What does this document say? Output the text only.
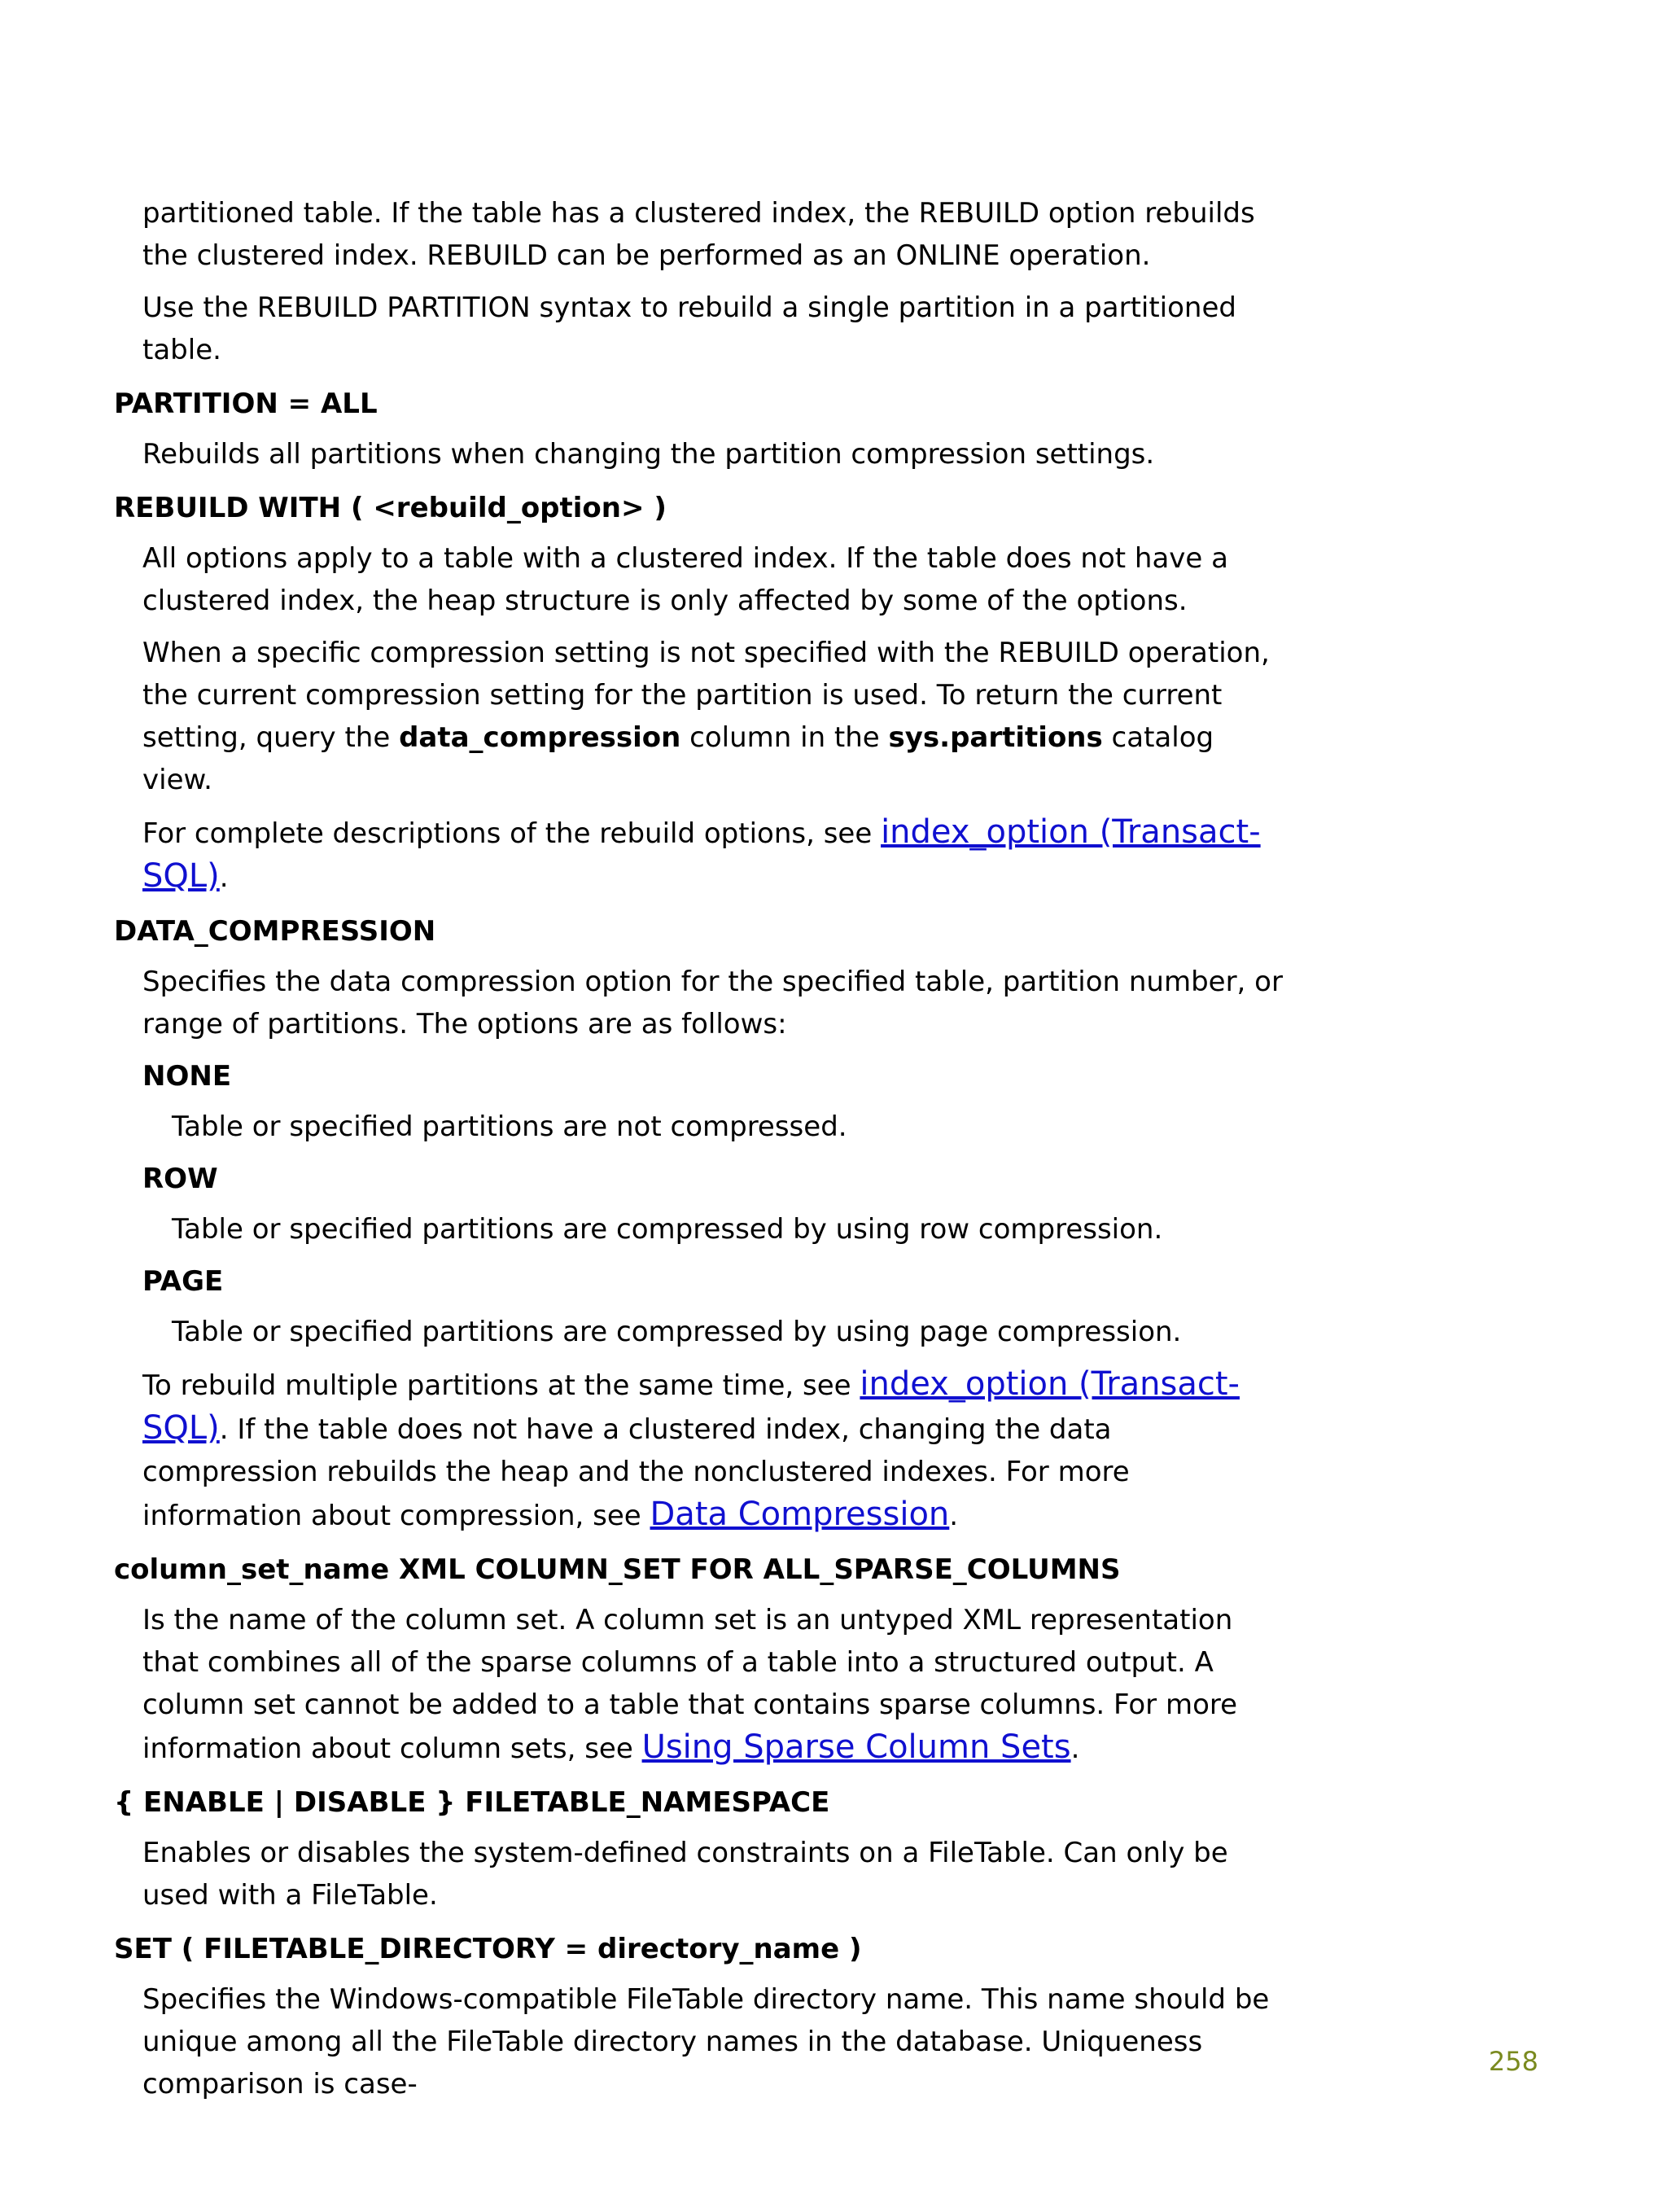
partitioned table. If the table has a clustered index, the REBUILD option rebuilds the clustered index. REBUILD can be performed as an ONLINE operation.

Use the REBUILD PARTITION syntax to rebuild a single partition in a partitioned table.

PARTITION = ALL

Rebuilds all partitions when changing the partition compression settings.

REBUILD WITH ( <rebuild_option> )

All options apply to a table with a clustered index. If the table does not have a clustered index, the heap structure is only affected by some of the options.

When a specific compression setting is not specified with the REBUILD operation, the current compression setting for the partition is used. To return the current setting, query the data_compression column in the sys.partitions catalog view.

For complete descriptions of the rebuild options, see index_option (Transact-SQL).

DATA_COMPRESSION

Specifies the data compression option for the specified table, partition number, or range of partitions. The options are as follows:

NONE

Table or specified partitions are not compressed.

ROW

Table or specified partitions are compressed by using row compression.

PAGE

Table or specified partitions are compressed by using page compression.

To rebuild multiple partitions at the same time, see index_option (Transact-SQL). If the table does not have a clustered index, changing the data compression rebuilds the heap and the nonclustered indexes. For more information about compression, see Data Compression.

column_set_name XML COLUMN_SET FOR ALL_SPARSE_COLUMNS

Is the name of the column set. A column set is an untyped XML representation that combines all of the sparse columns of a table into a structured output. A column set cannot be added to a table that contains sparse columns. For more information about column sets, see Using Sparse Column Sets.

{ ENABLE | DISABLE } FILETABLE_NAMESPACE

Enables or disables the system-defined constraints on a FileTable. Can only be used with a FileTable.

SET ( FILETABLE_DIRECTORY = directory_name )

Specifies the Windows-compatible FileTable directory name. This name should be unique among all the FileTable directory names in the database. Uniqueness comparison is case-

258
